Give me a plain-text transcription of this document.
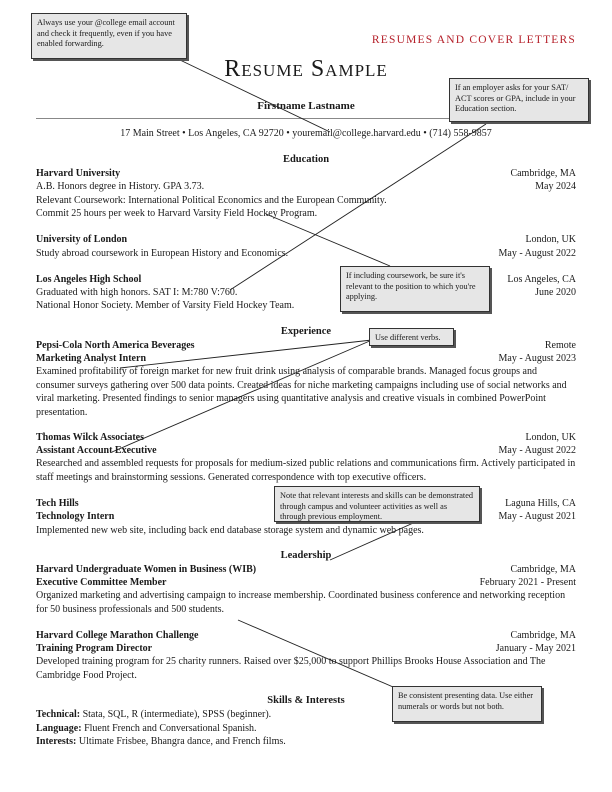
RESUMES AND COVER LETTERS
Resume Sample
Firstname Lastname
17 Main Street • Los Angeles, CA 92720 • youremail@college.harvard.edu • (714) 558-9857
Education
Harvard University	Cambridge, MA
A.B. Honors degree in History. GPA 3.73.	May 2024
Relevant Coursework: International Political Economics and the European Community.
Commit 25 hours per week to Harvard Varsity Field Hockey Program.
University of London	London, UK
Study abroad coursework in European History and Economics.	May - August 2022
Los Angeles High School	Los Angeles, CA
Graduated with high honors. SAT I: M:780 V:760.	June 2020
National Honor Society. Member of Varsity Field Hockey Team.
Experience
Pepsi-Cola North America Beverages	Remote
Marketing Analyst Intern	May - August 2023
Examined profitability of foreign market for new fruit drink using analysis of comparable brands. Managed focus groups and consumer surveys gathering over 500 data points. Created ideas for niche marketing campaigns including use of social networks and viral marketing. Presented findings to senior managers using quantitative analysis and creative visuals in combined PowerPoint presentation.
Thomas Wilck Associates	London, UK
Assistant Account Executive	May - August 2022
Researched and assembled requests for proposals for medium-sized public relations and communications firm. Actively participated in staff meetings and brainstorming sessions. Generated correspondence with top executive officers.
Tech Hills	Laguna Hills, CA
Technology Intern	May - August 2021
Implemented new web site, including back end database storage system and dynamic web pages.
Leadership
Harvard Undergraduate Women in Business (WIB)	Cambridge, MA
Executive Committee Member	February 2021 - Present
Organized marketing and advertising campaign to increase membership. Coordinated business conference and networking reception for 50 business professionals and 500 students.
Harvard College Marathon Challenge	Cambridge, MA
Training Program Director	January - May 2021
Developed training program for 25 charity runners. Raised over $25,000 to support Phillips Brooks House Association and The Cambridge Food Project.
Skills & Interests
Technical: Stata, SQL, R (intermediate), SPSS (beginner).
Language: Fluent French and Conversational Spanish.
Interests: Ultimate Frisbee, Bhangra dance, and French films.
Always use your @college email account and check it frequently, even if you have enabled forwarding.
If an employer asks for your SAT/ ACT scores or GPA, include in your Education section.
If including coursework, be sure it's relevant to the position to which you're applying.
Use different verbs.
Note that relevant interests and skills can be demonstrated through campus and volunteer activities as well as through previous employment.
Be consistent presenting data. Use either numerals or words but not both.
